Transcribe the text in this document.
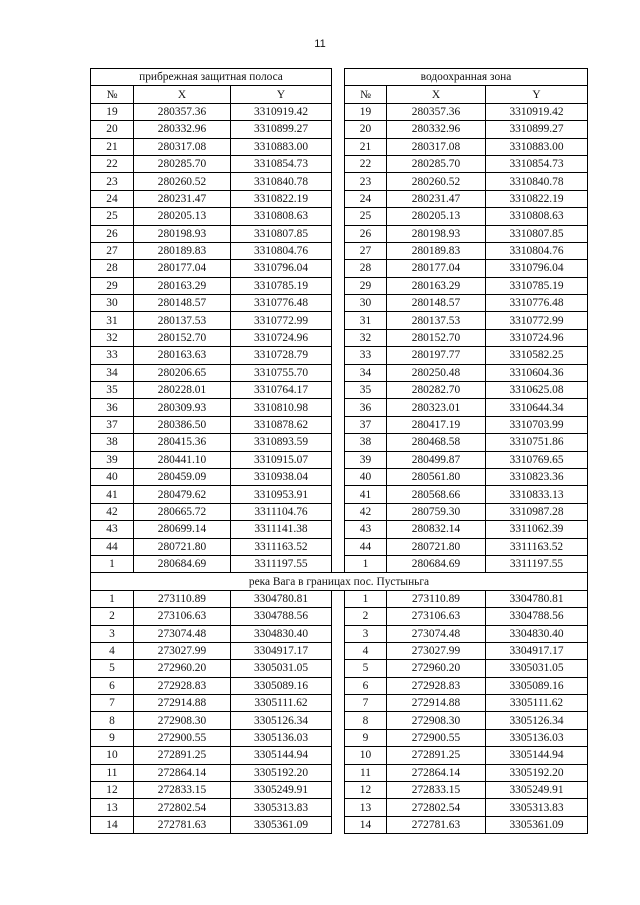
11
прибрежная защитная полоса				водоохранная зона		
№	X	Y		№	X	Y
19	280357.36	3310919.42		19	280357.36	3310919.42
20	280332.96	3310899.27		20	280332.96	3310899.27
21	280317.08	3310883.00		21	280317.08	3310883.00
22	280285.70	3310854.73		22	280285.70	3310854.73
23	280260.52	3310840.78		23	280260.52	3310840.78
24	280231.47	3310822.19		24	280231.47	3310822.19
25	280205.13	3310808.63		25	280205.13	3310808.63
26	280198.93	3310807.85		26	280198.93	3310807.85
27	280189.83	3310804.76		27	280189.83	3310804.76
28	280177.04	3310796.04		28	280177.04	3310796.04
29	280163.29	3310785.19		29	280163.29	3310785.19
30	280148.57	3310776.48		30	280148.57	3310776.48
31	280137.53	3310772.99		31	280137.53	3310772.99
32	280152.70	3310724.96		32	280152.70	3310724.96
33	280163.63	3310728.79		33	280197.77	3310582.25
34	280206.65	3310755.70		34	280250.48	3310604.36
35	280228.01	3310764.17		35	280282.70	3310625.08
36	280309.93	3310810.98		36	280323.01	3310644.34
37	280386.50	3310878.62		37	280417.19	3310703.99
38	280415.36	3310893.59		38	280468.58	3310751.86
39	280441.10	3310915.07		39	280499.87	3310769.65
40	280459.09	3310938.04		40	280561.80	3310823.36
41	280479.62	3310953.91		41	280568.66	3310833.13
42	280665.72	3311104.76		42	280759.30	3310987.28
43	280699.14	3311141.38		43	280832.14	3311062.39
44	280721.80	3311163.52		44	280721.80	3311163.52
1	280684.69	3311197.55		1	280684.69	3311197.55
река Вага в границах пос. Пустыньга						
1	273110.89	3304780.81		1	273110.89	3304780.81
2	273106.63	3304788.56		2	273106.63	3304788.56
3	273074.48	3304830.40		3	273074.48	3304830.40
4	273027.99	3304917.17		4	273027.99	3304917.17
5	272960.20	3305031.05		5	272960.20	3305031.05
6	272928.83	3305089.16		6	272928.83	3305089.16
7	272914.88	3305111.62		7	272914.88	3305111.62
8	272908.30	3305126.34		8	272908.30	3305126.34
9	272900.55	3305136.03		9	272900.55	3305136.03
10	272891.25	3305144.94		10	272891.25	3305144.94
11	272864.14	3305192.20		11	272864.14	3305192.20
12	272833.15	3305249.91		12	272833.15	3305249.91
13	272802.54	3305313.83		13	272802.54	3305313.83
14	272781.63	3305361.09		14	272781.63	3305361.09
